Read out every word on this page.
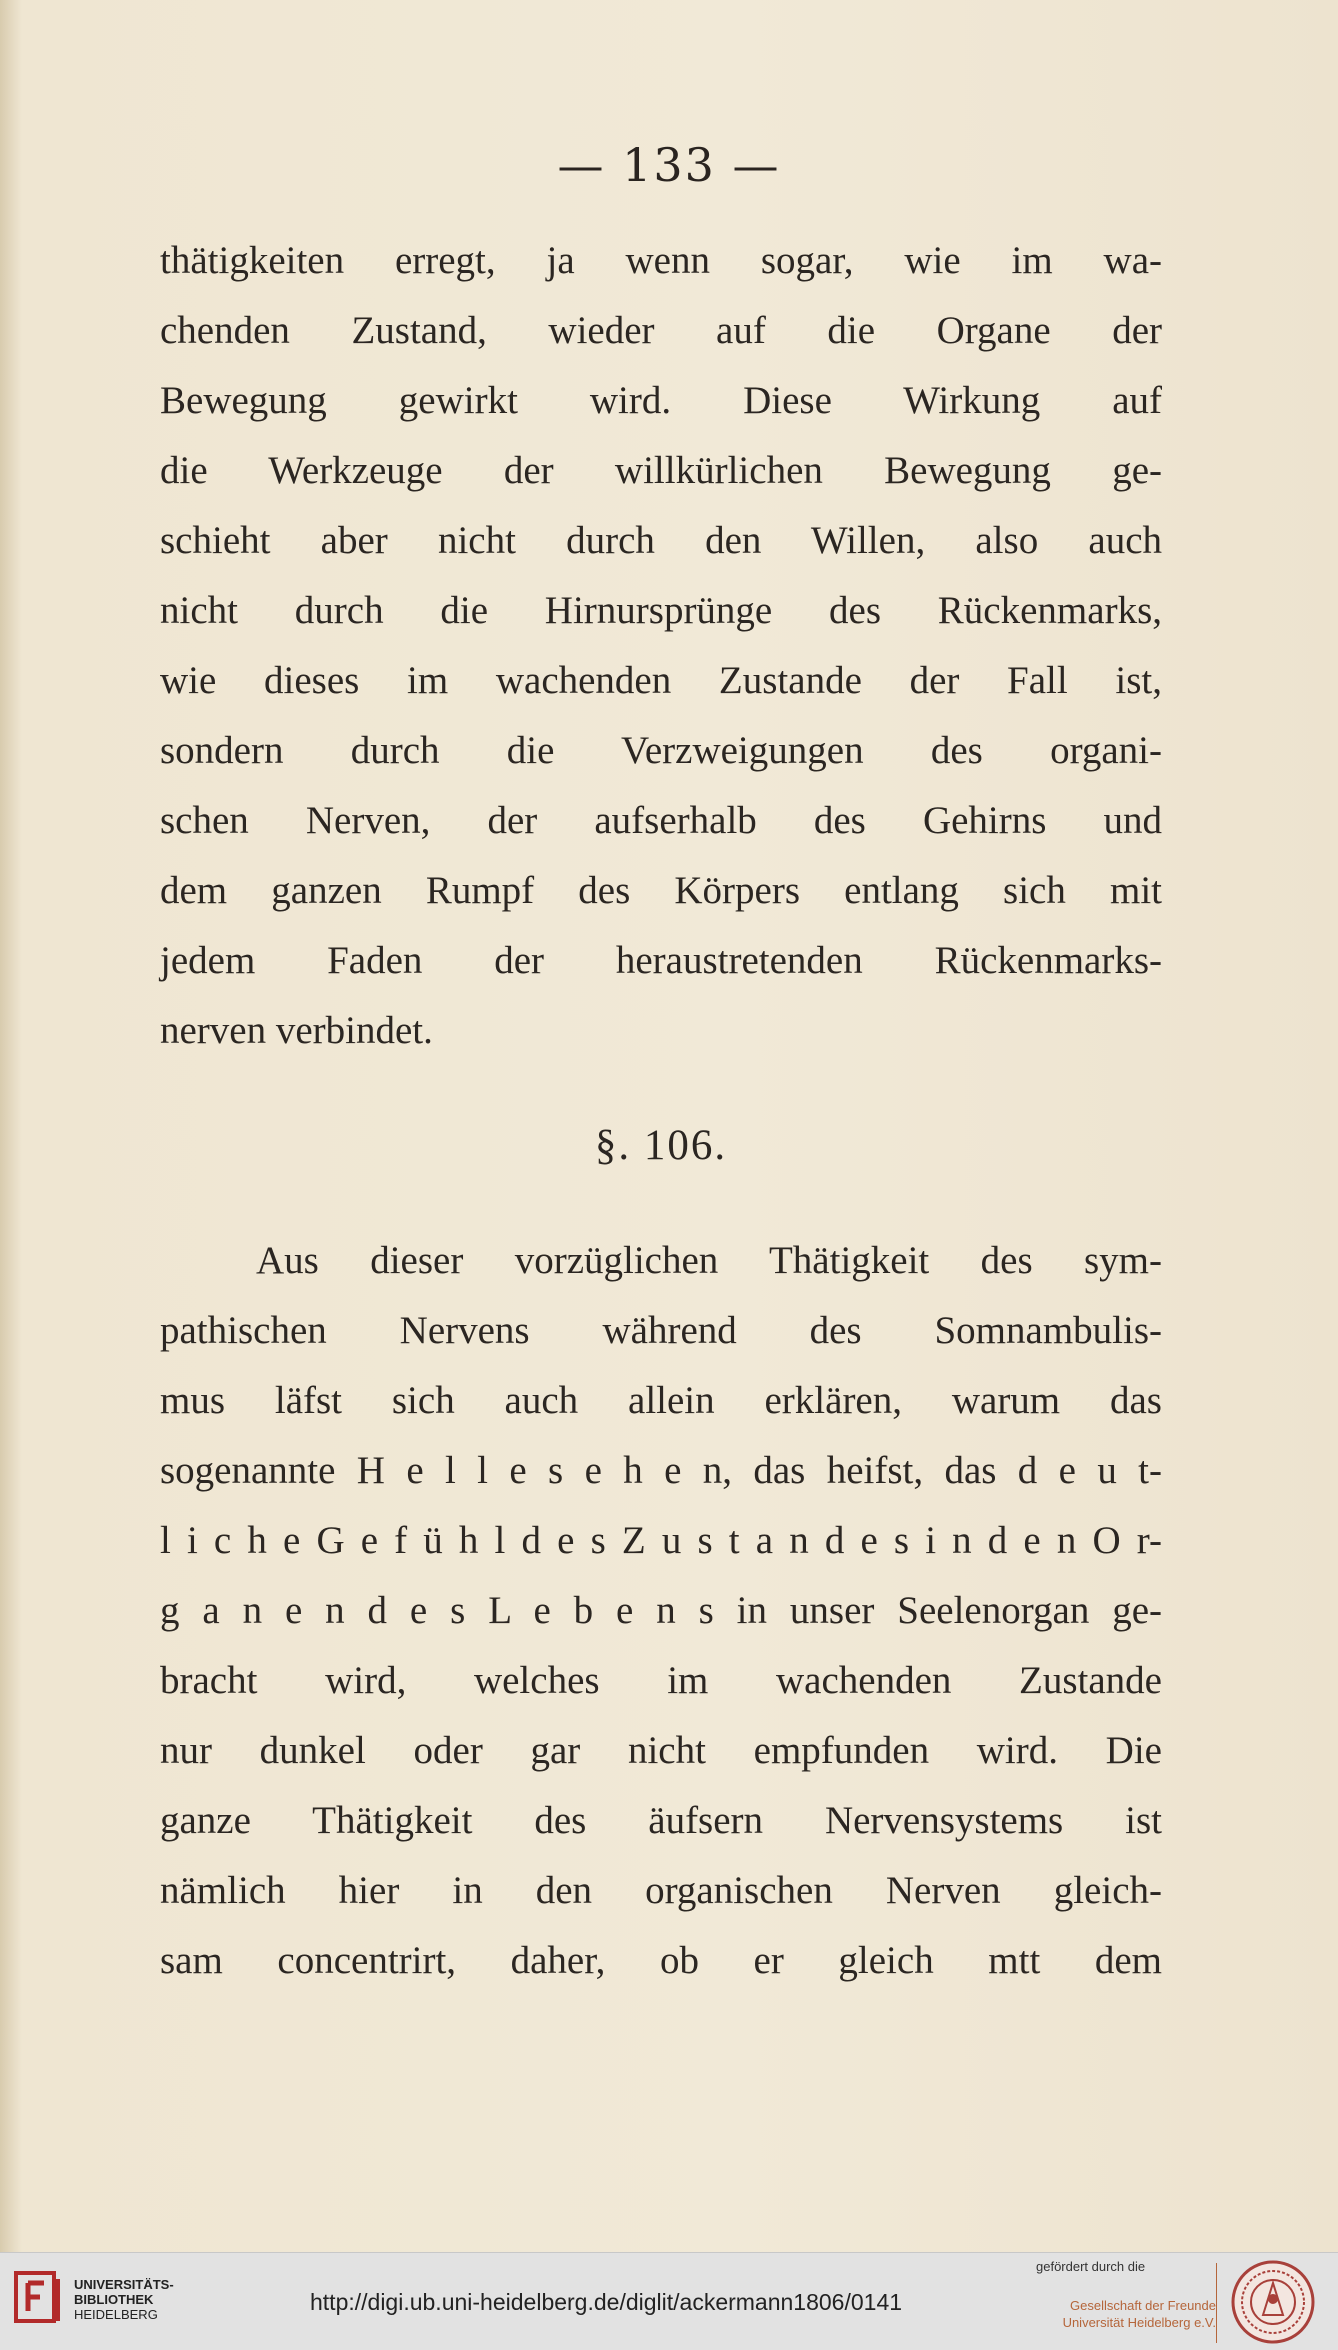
— 133 —
thätigkeiten erregt, ja wenn sogar, wie im wa-
chenden Zustand, wieder auf die Organe der
Bewegung gewirkt wird. Diese Wirkung auf
die Werkzeuge der willkürlichen Bewegung ge-
schieht aber nicht durch den Willen, also auch
nicht durch die Hirnursprünge des Rückenmarks,
wie dieses im wachenden Zustande der Fall ist,
sondern durch die Verzweigungen des organi-
schen Nerven, der aufserhalb des Gehirns und
dem ganzen Rumpf des Körpers entlang sich mit
jedem Faden der heraustretenden Rückenmarks-
nerven verbindet.
§. 106.
Aus dieser vorzüglichen Thätigkeit des sym-
pathischen Nervens während des Somnambulis-
mus läfst sich auch allein erklären, warum das
sogenannte H e l l e s e h e n, das heifst, das d e u t-
l i c h e G e f ü h l d e s Z u s t a n d e s i n d e n O r-
g a n e n d e s L e b e n s in unser Seelenorgan ge-
bracht wird, welches im wachenden Zustande
nur dunkel oder gar nicht empfunden wird. Die
ganze Thätigkeit des äufsern Nervensystems ist
nämlich hier in den organischen Nerven gleich-
sam concentrirt, daher, ob er gleich mtt dem
UNIVERSITÄTS-
BIBLIOTHEK
HEIDELBERG	http://digi.ub.uni-heidelberg.de/diglit/ackermann1806/0141
gefördert durch die
Gesellschaft der Freunde
Universität Heidelberg e.V.
